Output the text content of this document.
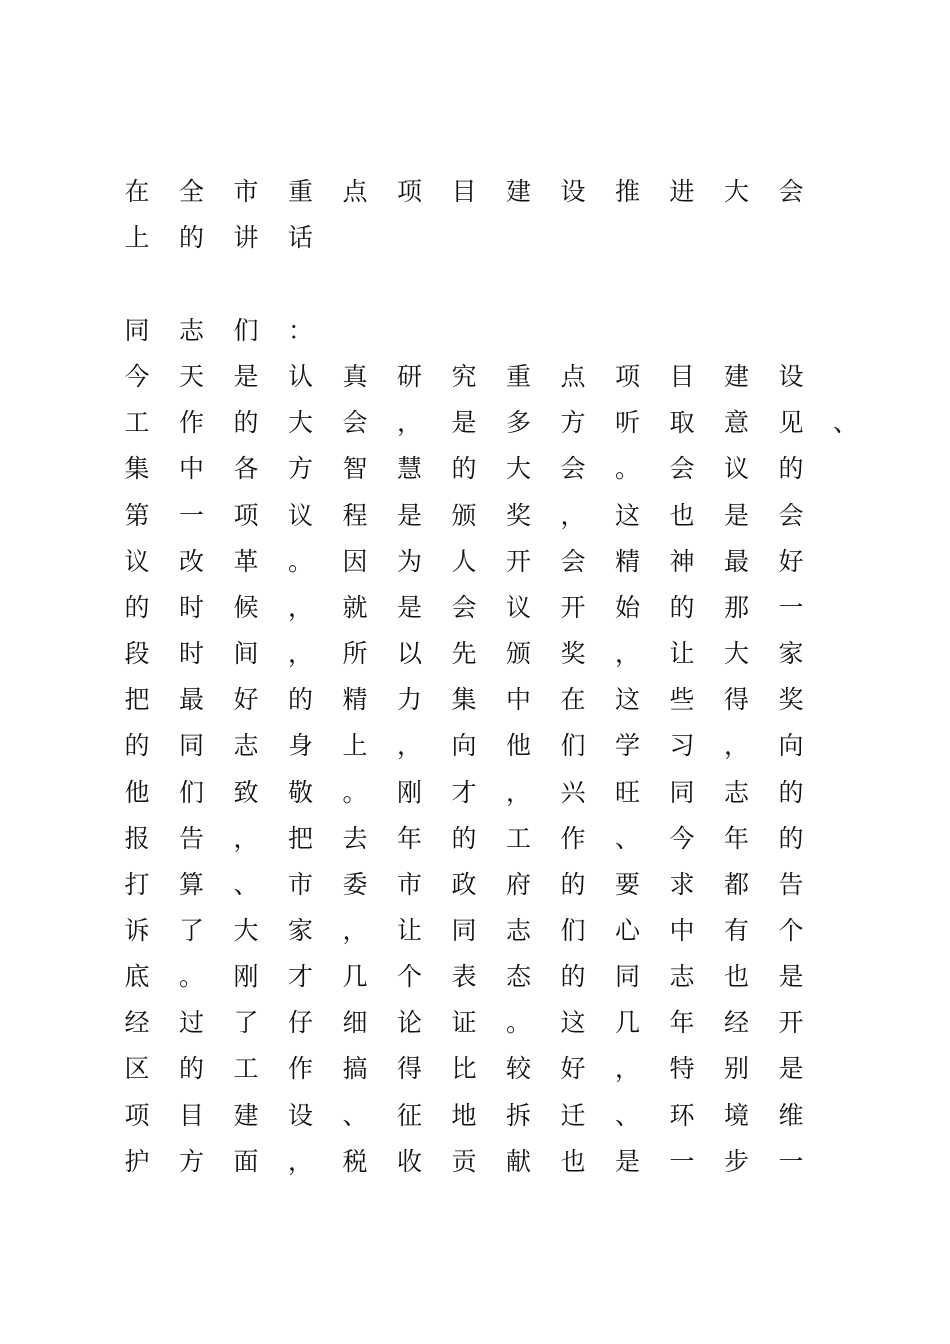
在 全 市 重 点 项 目 建 设 推 进 大 会
上 的 讲 话
同 志 们 ：
今 天 是 认 真 研 究 重 点 项 目 建 设
工 作 的 大 会 ， 是 多 方 听 取 意 见 、
集 中 各 方 智 慧 的 大 会 。 会 议 的
第 一 项 议 程 是 颁 奖 ， 这 也 是 会
议 改 革 。 因 为 人 开 会 精 神 最 好
的 时 候 ， 就 是 会 议 开 始 的 那 一
段 时 间 ， 所 以 先 颁 奖 ， 让 大 家
把 最 好 的 精 力 集 中 在 这 些 得 奖
的 同 志 身 上 ， 向 他 们 学 习 ， 向
他 们 致 敬 。 刚 才 ， 兴 旺 同 志 的
报 告 ， 把 去 年 的 工 作 、 今 年 的
打 算 、 市 委 市 政 府 的 要 求 都 告
诉 了 大 家 ， 让 同 志 们 心 中 有 个
底 。 刚 才 几 个 表 态 的 同 志 也 是
经 过 了 仔 细 论 证 。 这 几 年 经 开
区 的 工 作 搞 得 比 较 好 ， 特 别 是
项 目 建 设 、 征 地 拆 迁 、 环 境 维
护 方 面 ， 税 收 贡 献 也 是 一 步 一
